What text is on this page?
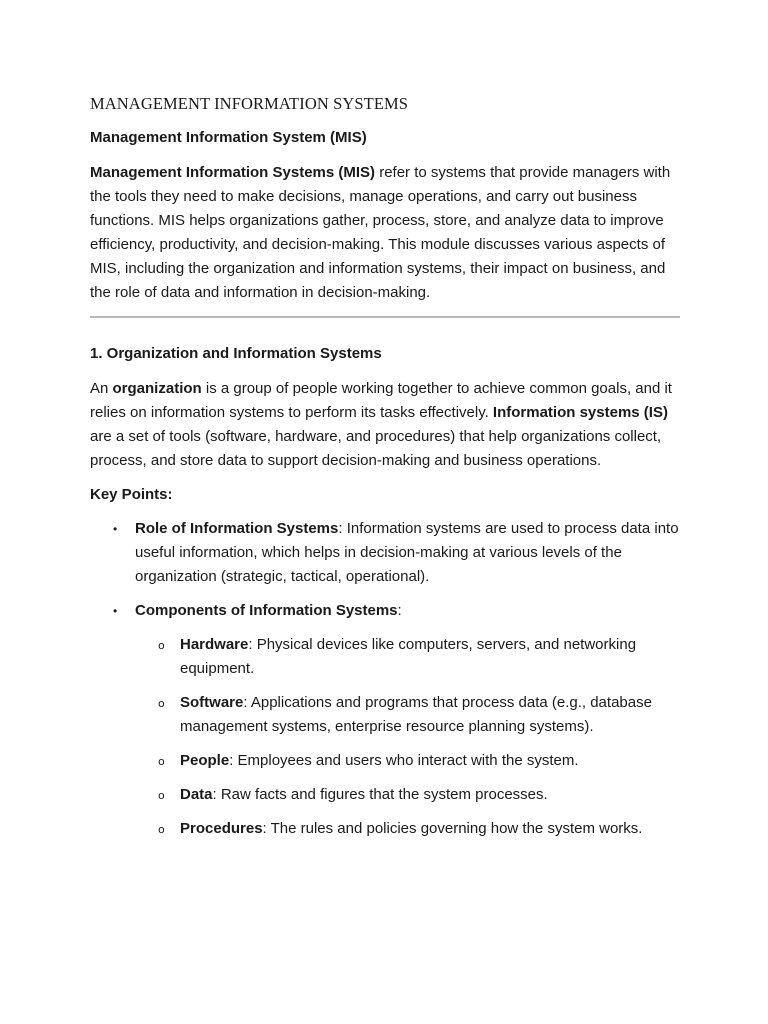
MANAGEMENT INFORMATION SYSTEMS
Management Information System (MIS)

Management Information Systems (MIS) refer to systems that provide managers with the tools they need to make decisions, manage operations, and carry out business functions. MIS helps organizations gather, process, store, and analyze data to improve efficiency, productivity, and decision-making. This module discusses various aspects of MIS, including the organization and information systems, their impact on business, and the role of data and information in decision-making.

1. Organization and Information Systems

An organization is a group of people working together to achieve common goals, and it relies on information systems to perform its tasks effectively. Information systems (IS) are a set of tools (software, hardware, and procedures) that help organizations collect, process, and store data to support decision-making and business operations.

Key Points:

• Role of Information Systems: Information systems are used to process data into useful information, which helps in decision-making at various levels of the organization (strategic, tactical, operational).
• Components of Information Systems:
o Hardware: Physical devices like computers, servers, and networking equipment.
o Software: Applications and programs that process data (e.g., database management systems, enterprise resource planning systems).
o People: Employees and users who interact with the system.
o Data: Raw facts and figures that the system processes.
o Procedures: The rules and policies governing how the system works.
